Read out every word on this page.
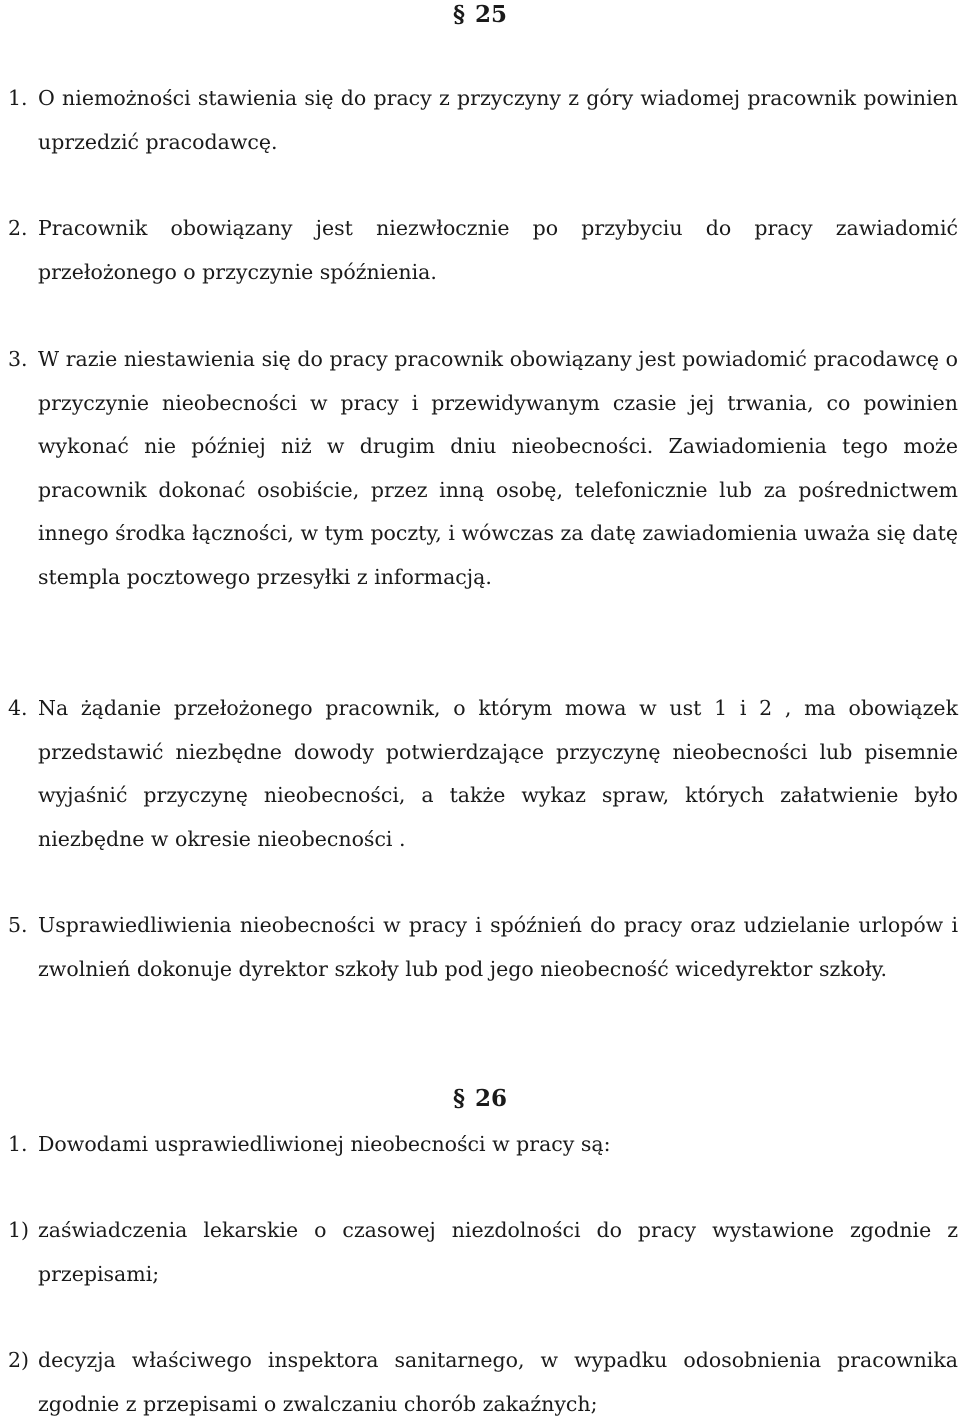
§ 25
1. O niemożności stawienia się do pracy z przyczyny z góry wiadomej pracownik powinien uprzedzić pracodawcę.
2. Pracownik obowiązany jest niezwłocznie po przybyciu do pracy zawiadomić przełożonego o przyczynie spóźnienia.
3. W razie niestawienia się do pracy pracownik obowiązany jest powiadomić pracodawcę o przyczynie nieobecności w pracy i przewidywanym czasie jej trwania, co powinien wykonać nie później niż w drugim dniu nieobecności. Zawiadomienia tego może pracownik dokonać osobiście, przez inną osobę, telefonicznie lub za pośrednictwem innego środka łączności, w tym poczty, i wówczas za datę zawiadomienia uważa się datę stempla pocztowego przesyłki z informacją.
4. Na żądanie przełożonego pracownik, o którym mowa w ust 1 i 2 , ma obowiązek przedstawić niezbędne dowody potwierdzające przyczynę nieobecności lub pisemnie wyjaśnić przyczynę nieobecności, a także wykaz spraw, których załatwienie było niezbędne w okresie nieobecności .
5. Usprawiedliwienia nieobecności w pracy i spóźnień do pracy oraz udzielanie urlopów i zwolnień dokonuje dyrektor szkoły lub pod jego nieobecność wicedyrektor szkoły.
§ 26
1. Dowodami usprawiedliwionej nieobecności w pracy są:
1) zaświadczenia lekarskie o czasowej niezdolności do pracy wystawione zgodnie z przepisami;
2) decyzja właściwego inspektora sanitarnego, w wypadku odosobnienia pracownika zgodnie z przepisami o zwalczaniu chorób zakaźnych;
